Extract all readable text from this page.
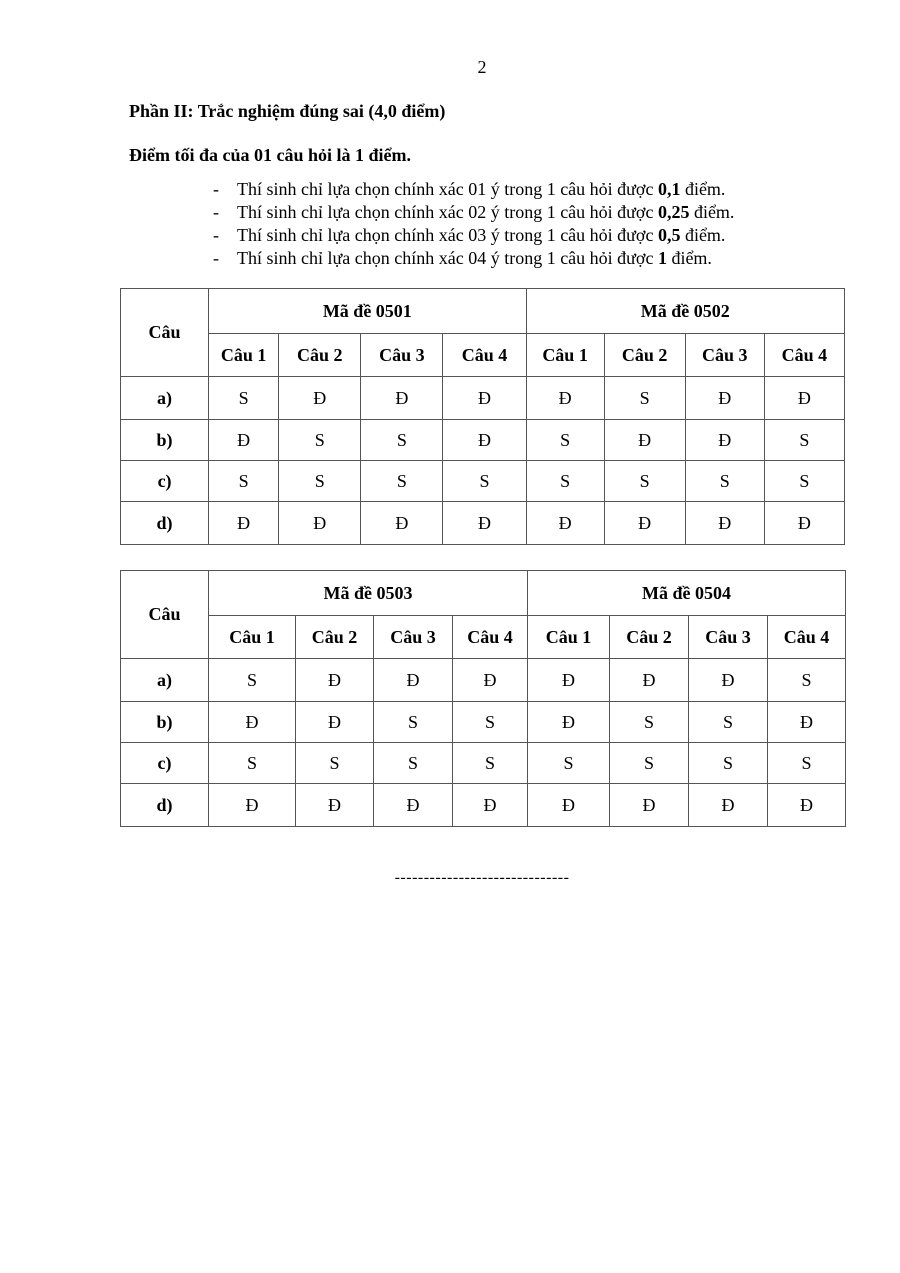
2
Phần II: Trắc nghiệm đúng sai (4,0 điểm)
Điểm tối đa của 01 câu hỏi là 1 điểm.
- Thí sinh chỉ lựa chọn chính xác 01 ý trong 1 câu hỏi được 0,1 điểm.
- Thí sinh chỉ lựa chọn chính xác 02 ý trong 1 câu hỏi được 0,25 điểm.
- Thí sinh chỉ lựa chọn chính xác 03 ý trong 1 câu hỏi được 0,5 điểm.
- Thí sinh chỉ lựa chọn chính xác 04 ý trong 1 câu hỏi được 1 điểm.
Câu	Mã đề 0501				Mã đề 0502			
	Câu 1	Câu 2	Câu 3	Câu 4	Câu 1	Câu 2	Câu 3	Câu 4
a)	S	Đ	Đ	Đ	Đ	S	Đ	Đ
b)	Đ	S	S	Đ	S	Đ	Đ	S
c)	S	S	S	S	S	S	S	S
d)	Đ	Đ	Đ	Đ	Đ	Đ	Đ	Đ
Câu	Mã đề 0503				Mã đề 0504			
	Câu 1	Câu 2	Câu 3	Câu 4	Câu 1	Câu 2	Câu 3	Câu 4
a)	S	Đ	Đ	Đ	Đ	Đ	Đ	S
b)	Đ	Đ	S	S	Đ	S	S	Đ
c)	S	S	S	S	S	S	S	S
d)	Đ	Đ	Đ	Đ	Đ	Đ	Đ	Đ
------------------------------
